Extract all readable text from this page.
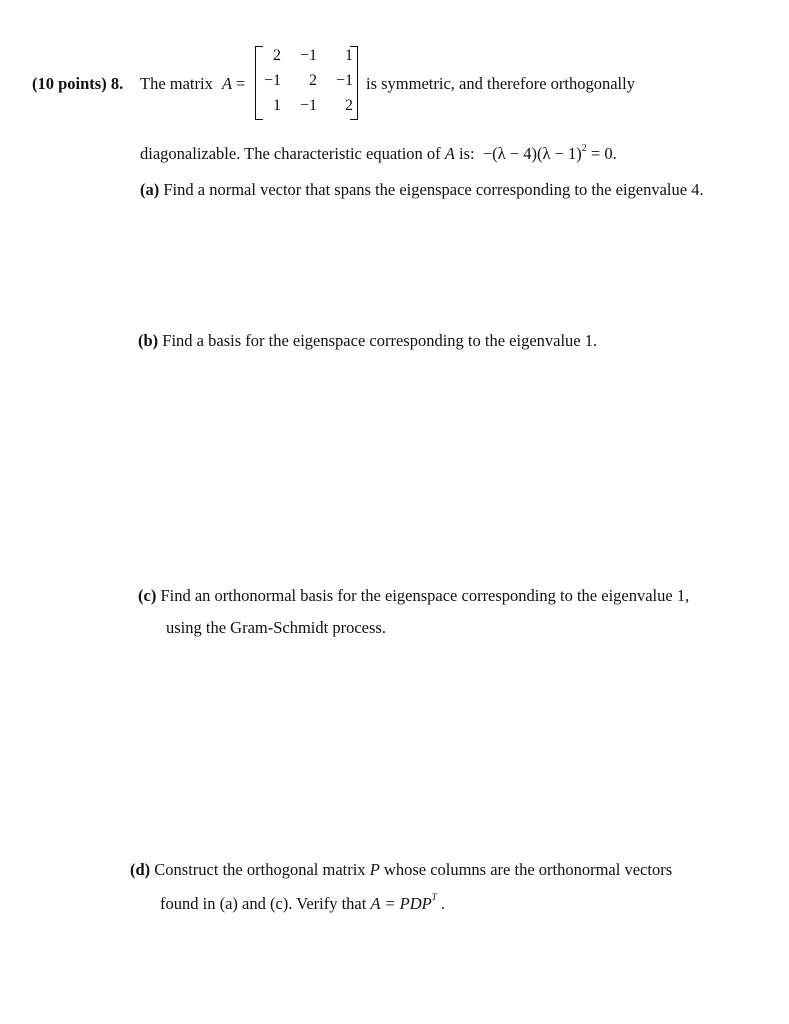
(10 points) 8. The matrix A =
2	−1	1
−1	2	−1
1	−1	2
is symmetric, and therefore orthogonally
diagonalizable. The characteristic equation of A is: $-(\lambda - 4)(\lambda - 1)^2 = 0$.
(a) Find a normal vector that spans the eigenspace corresponding to the eigenvalue 4.
(b) Find a basis for the eigenspace corresponding to the eigenvalue 1.
(c) Find an orthonormal basis for the eigenspace corresponding to the eigenvalue 1,
using the Gram-Schmidt process.
(d) Construct the orthogonal matrix P whose columns are the orthonormal vectors
found in (a) and (c). Verify that $A = PDP^T$ .
